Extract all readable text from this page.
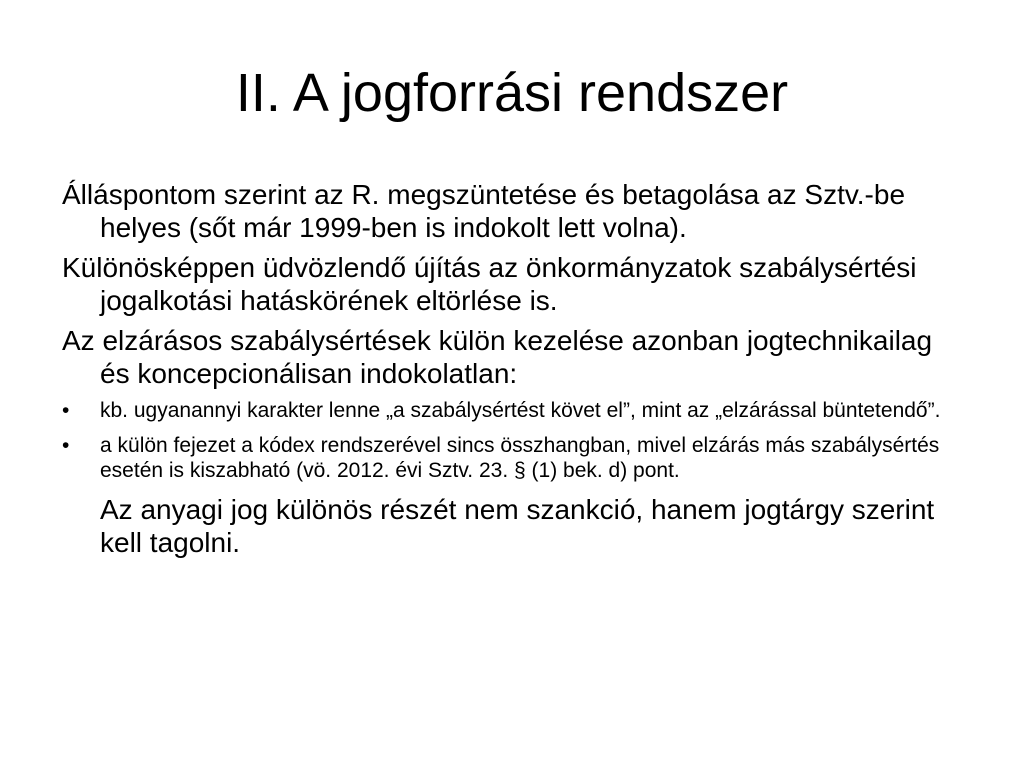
II. A jogforrási rendszer

Álláspontom szerint az R. megszüntetése és betagolása az Sztv.-be helyes (sőt már 1999-ben is indokolt lett volna).

Különösképpen üdvözlendő újítás az önkormányzatok szabálysértési jogalkotási hatáskörének eltörlése is.

Az elzárásos szabálysértések külön kezelése azonban jogtechnikailag és koncepcionálisan indokolatlan:

•	kb. ugyanannyi karakter lenne „a szabálysértést követ el”, mint az „elzárással büntetendő”.
•	a külön fejezet a kódex rendszerével sincs összhangban, mivel elzárás más szabálysértés esetén is kiszabható (vö. 2012. évi Sztv. 23. § (1) bek. d) pont.

Az anyagi jog különös részét nem szankció, hanem jogtárgy szerint kell tagolni.
